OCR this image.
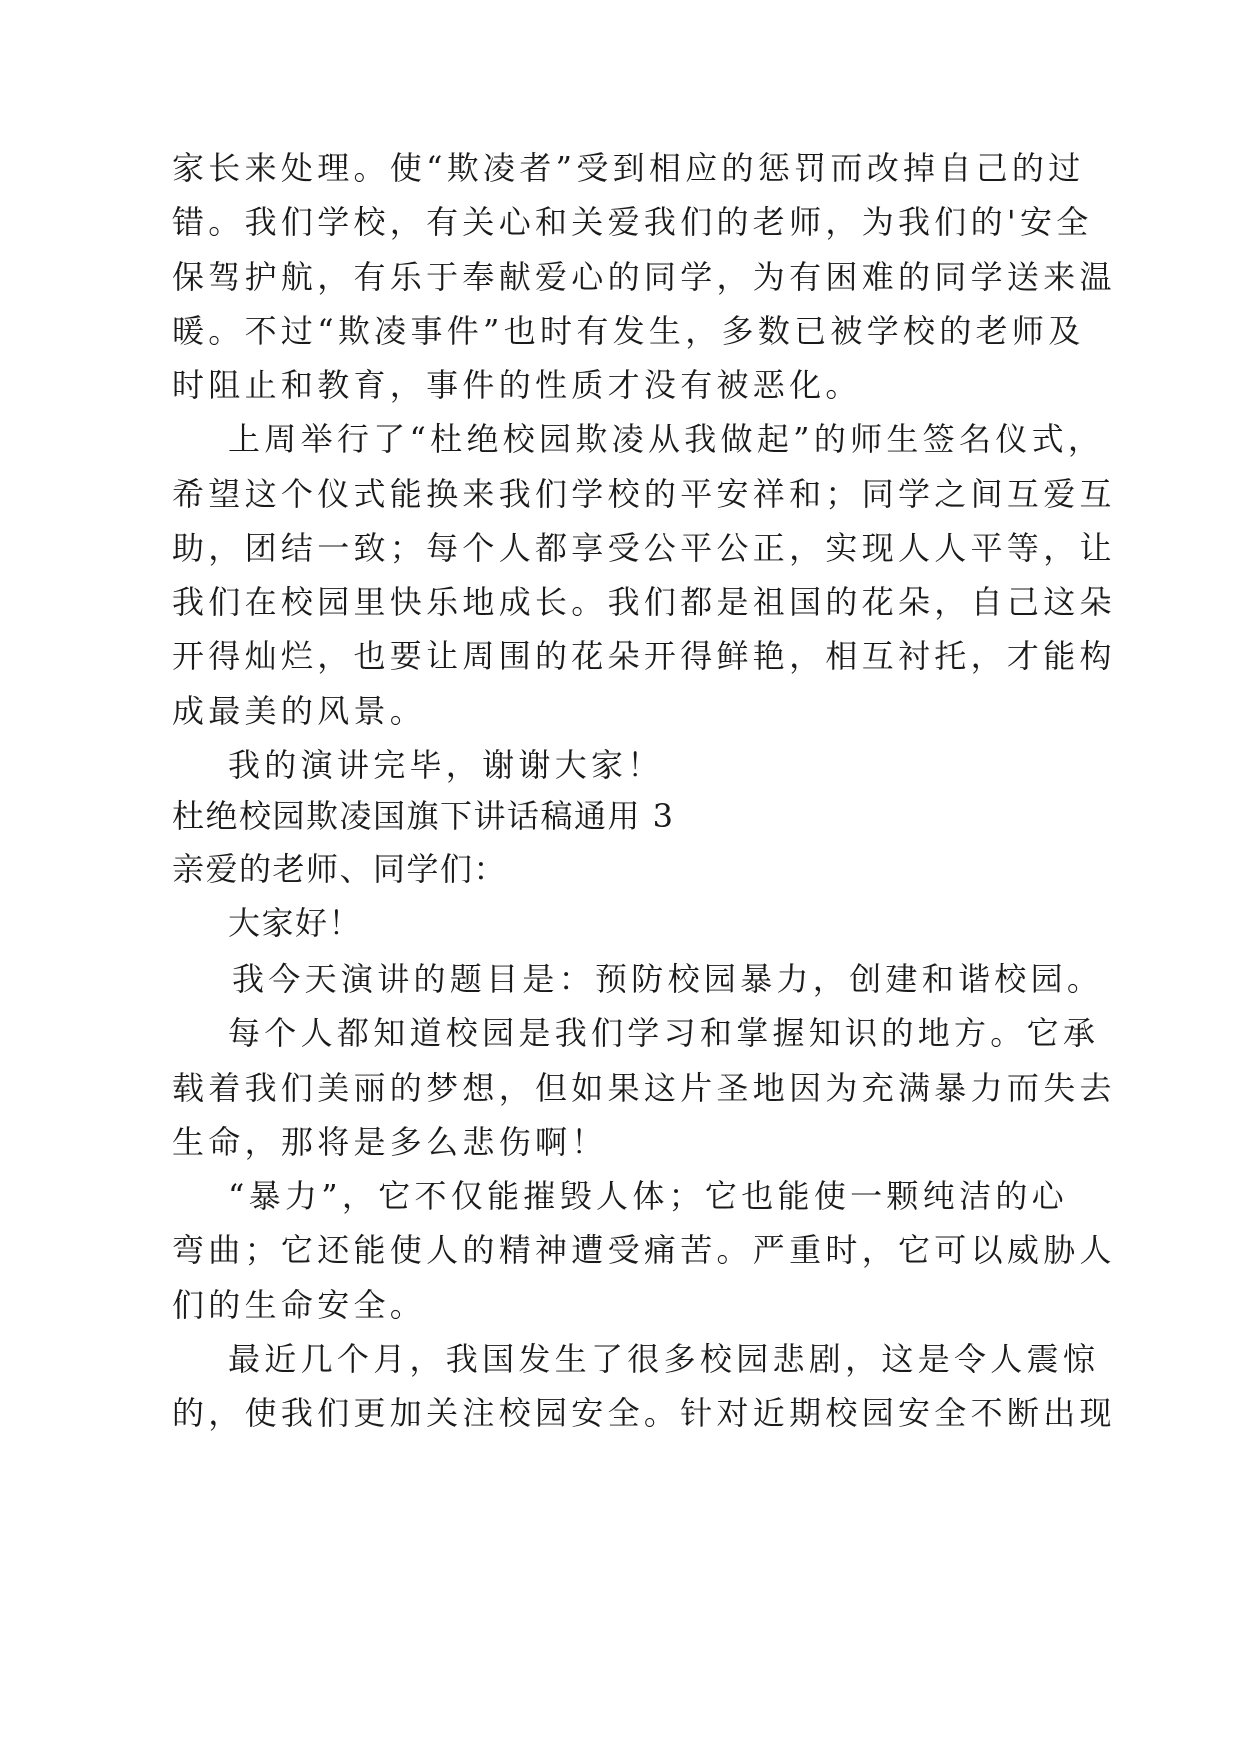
家长来处理。使“欺凌者”受到相应的惩罚而改掉自己的过
错。我们学校，有关心和关爱我们的老师，为我们的'安全
保驾护航，有乐于奉献爱心的同学，为有困难的同学送来温
暖。不过“欺凌事件”也时有发生，多数已被学校的老师及
时阻止和教育，事件的性质才没有被恶化。
上周举行了“杜绝校园欺凌从我做起”的师生签名仪式，
希望这个仪式能换来我们学校的平安祥和；同学之间互爱互
助，团结一致；每个人都享受公平公正，实现人人平等，让
我们在校园里快乐地成长。我们都是祖国的花朵，自己这朵
开得灿烂，也要让周围的花朵开得鲜艳，相互衬托，才能构
成最美的风景。
我的演讲完毕，谢谢大家！
杜绝校园欺凌国旗下讲话稿通用 3
亲爱的老师、同学们：
大家好！
我今天演讲的题目是：预防校园暴力，创建和谐校园。
每个人都知道校园是我们学习和掌握知识的地方。它承
载着我们美丽的梦想，但如果这片圣地因为充满暴力而失去
生命，那将是多么悲伤啊！
“暴力”，它不仅能摧毁人体；它也能使一颗纯洁的心
弯曲；它还能使人的精神遭受痛苦。严重时，它可以威胁人
们的生命安全。
最近几个月，我国发生了很多校园悲剧，这是令人震惊
的，使我们更加关注校园安全。针对近期校园安全不断出现
